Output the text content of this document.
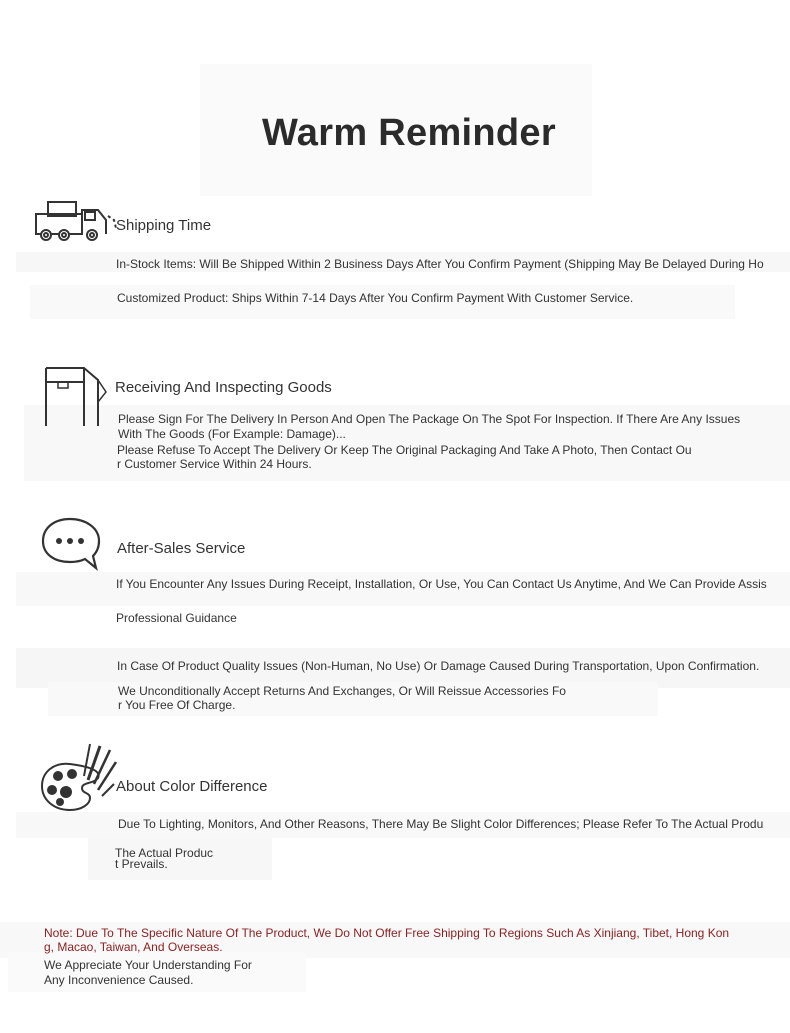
Warm Reminder
Shipping Time
In-Stock Items: Will Be Shipped Within 2 Business Days After You Confirm Payment (Shipping May Be Delayed During Ho
Customized Product: Ships Within 7-14 Days After You Confirm Payment With Customer Service.
Receiving And Inspecting Goods
Please Sign For The Delivery In Person And Open The Package On The Spot For Inspection. If There Are Any Issues
With The Goods (For Example: Damage)...
Please Refuse To Accept The Delivery Or Keep The Original Packaging And Take A Photo, Then Contact Ou
r Customer Service Within 24 Hours.
After-Sales Service
If You Encounter Any Issues During Receipt, Installation, Or Use, You Can Contact Us Anytime, And We Can Provide Assis
Professional Guidance
In Case Of Product Quality Issues (Non-Human, No Use) Or Damage Caused During Transportation, Upon Confirmation.
We Unconditionally Accept Returns And Exchanges, Or Will Reissue Accessories Fo
r You Free Of Charge.
About Color Difference
Due To Lighting, Monitors, And Other Reasons, There May Be Slight Color Differences; Please Refer To The Actual Produ
The Actual Produc
t Prevails.
Note: Due To The Specific Nature Of The Product, We Do Not Offer Free Shipping To Regions Such As Xinjiang, Tibet, Hong Kon
g, Macao, Taiwan, And Overseas.
We Appreciate Your Understanding For
Any Inconvenience Caused.
